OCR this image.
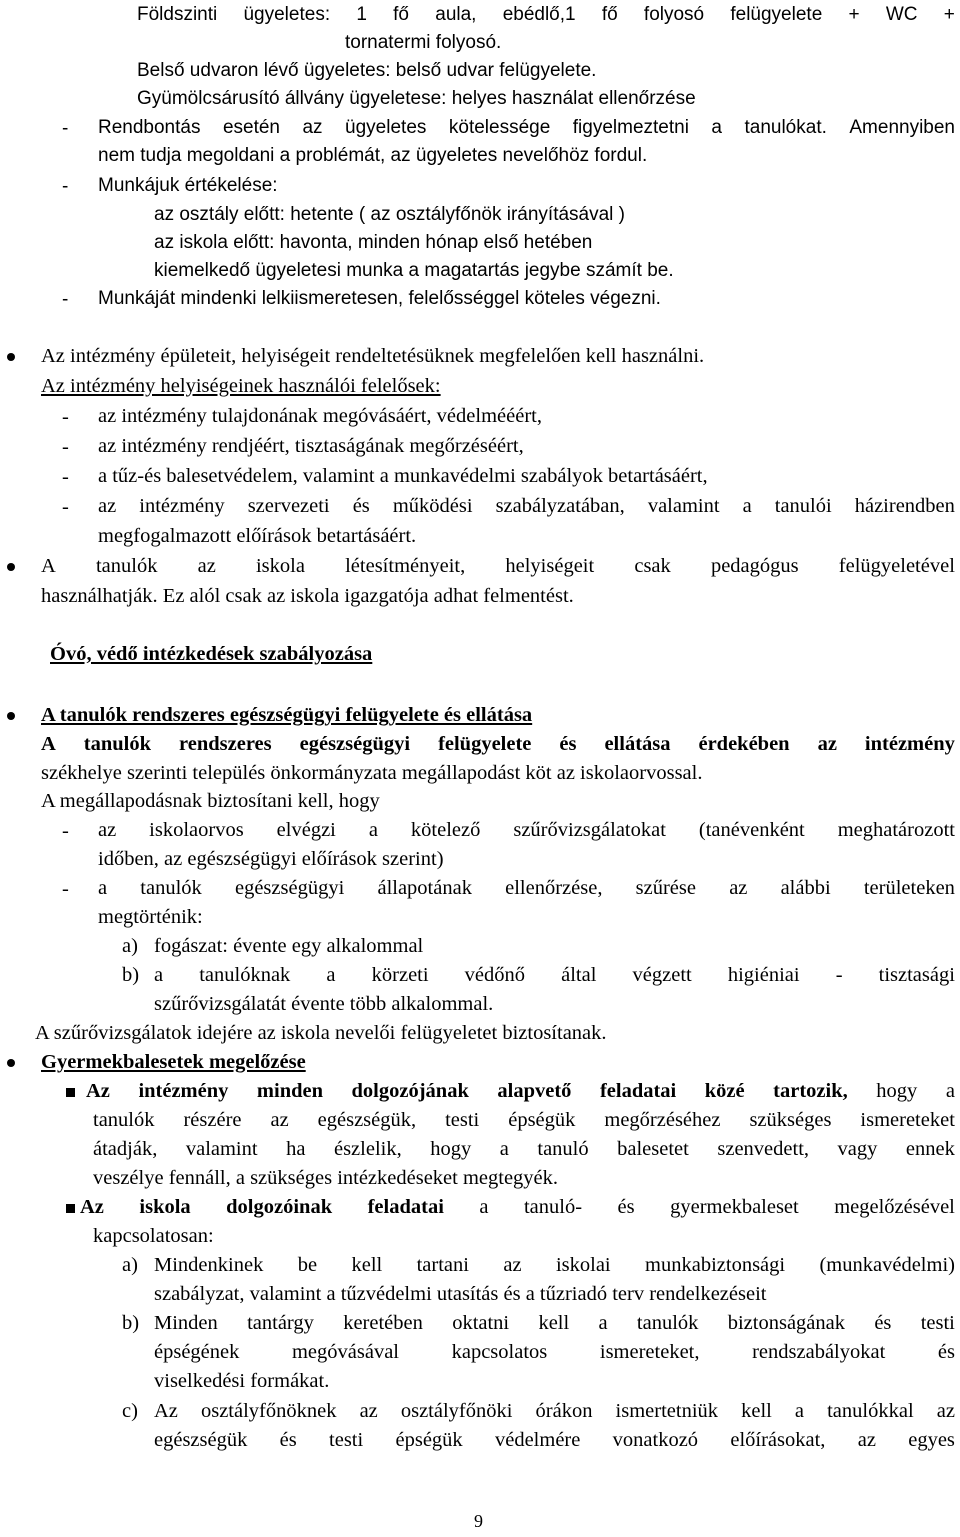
Földszinti ügyeletes: 1 fő aula, ebédlő,1 fő folyosó felügyelete + WC +
tornatermi folyosó.
Belső udvaron lévő ügyeletes: belső udvar felügyelete.
Gyümölcsárusító állvány ügyeletese: helyes használat ellenőrzése
- Rendbontás esetén az ügyeletes kötelessége figyelmeztetni a tanulókat. Amennyiben
nem tudja megoldani a problémát, az ügyeletes nevelőhöz fordul.
- Munkájuk értékelése:
az osztály előtt: hetente ( az osztályfőnök irányításával )
az iskola előtt: havonta, minden hónap első hetében
kiemelkedő ügyeletesi munka a magatartás jegybe számít be.
- Munkáját mindenki lelkiismeretesen, felelősséggel köteles végezni.
Az intézmény épületeit, helyiségeit rendeltetésüknek megfelelően kell használni.
Az intézmény helyiségeinek használói felelősek:
- az intézmény tulajdonának megóvásáért, védelmééért,
- az intézmény rendjéért, tisztaságának megőrzéséért,
- a tűz-és balesetvédelem, valamint a munkavédelmi szabályok betartásáért,
- az intézmény szervezeti és működési szabályzatában, valamint a tanulói házirendben
megfogalmazott előírások betartásáért.
A tanulók az iskola létesítményeit, helyiségeit csak pedagógus felügyeletével
használhatják. Ez alól csak az iskola igazgatója adhat felmentést.
Óvó, védő intézkedések szabályozása
A tanulók rendszeres egészségügyi felügyelete és ellátása
A tanulók rendszeres egészségügyi felügyelete és ellátása érdekében az intézmény
székhelye szerinti település önkormányzata megállapodást köt az iskolaorvossal.
A megállapodásnak biztosítani kell, hogy
- az iskolaorvos elvégzi a kötelező szűrővizsgálatokat (tanévenként meghatározott
időben, az egészségügyi előírások szerint)
- a tanulók egészségügyi állapotának ellenőrzése, szűrése az alábbi területeken
megtörténik:
a) fogászat: évente egy alkalommal
b) a tanulóknak a körzeti védőnő által végzett higiéniai - tisztasági
szűrővizsgálatát évente több alkalommal.
A szűrővizsgálatok idejére az iskola nevelői felügyeletet biztosítanak.
Gyermekbalesetek megelőzése
Az intézmény minden dolgozójának alapvető feladatai közé tartozik, hogy a
tanulók részére az egészségük, testi épségük megőrzéséhez szükséges ismereteket
átadják, valamint ha észlelik, hogy a tanuló balesetet szenvedett, vagy ennek
veszélye fennáll, a szükséges intézkedéseket megtegyék.
Az iskola dolgozóinak feladatai a tanuló- és gyermekbaleset megelőzésével
kapcsolatosan:
a) Mindenkinek be kell tartani az iskolai munkabiztonsági (munkavédelmi)
szabályzat, valamint a tűzvédelmi utasítás és a tűzriadó terv rendelkezéseit
b) Minden tantárgy keretében oktatni kell a tanulók biztonságának és testi
épségének	megóvásával	kapcsolatos	ismereteket,	rendszabályokat	és
viselkedési formákat.
c) Az osztályfőnöknek az osztályfőnöki órákon ismertetniük kell a tanulókkal az
egészségük és testi épségük védelmére vonatkozó előírásokat, az egyes
9
